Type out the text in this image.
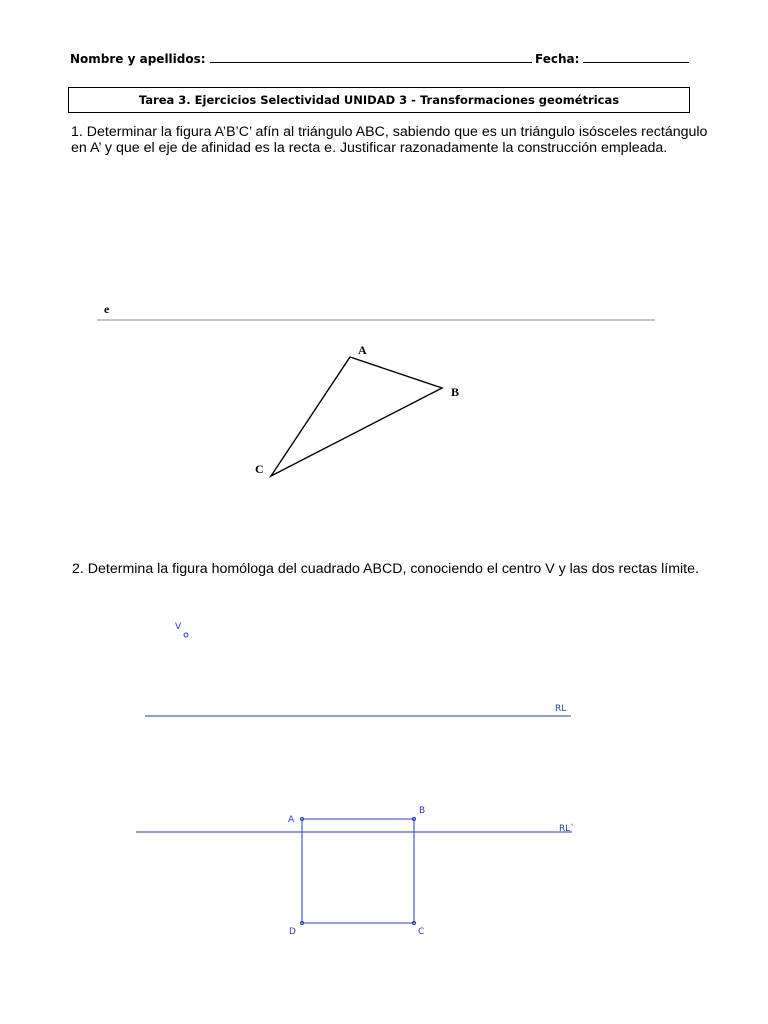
Nombre y apellidos:	Fecha:
Tarea 3. Ejercicios Selectividad UNIDAD 3 - Transformaciones geométricas
1. Determinar la figura A’B’C’ afín al triángulo ABC, sabiendo que es un triángulo isósceles rectángulo en A’ y que el eje de afinidad es la recta e. Justificar razonadamente la construcción empleada.
e
A
B
C
V
RL
RL`
A
B
D	C
2. Determina la figura homóloga del cuadrado ABCD, conociendo el centro V y las dos rectas límite.
